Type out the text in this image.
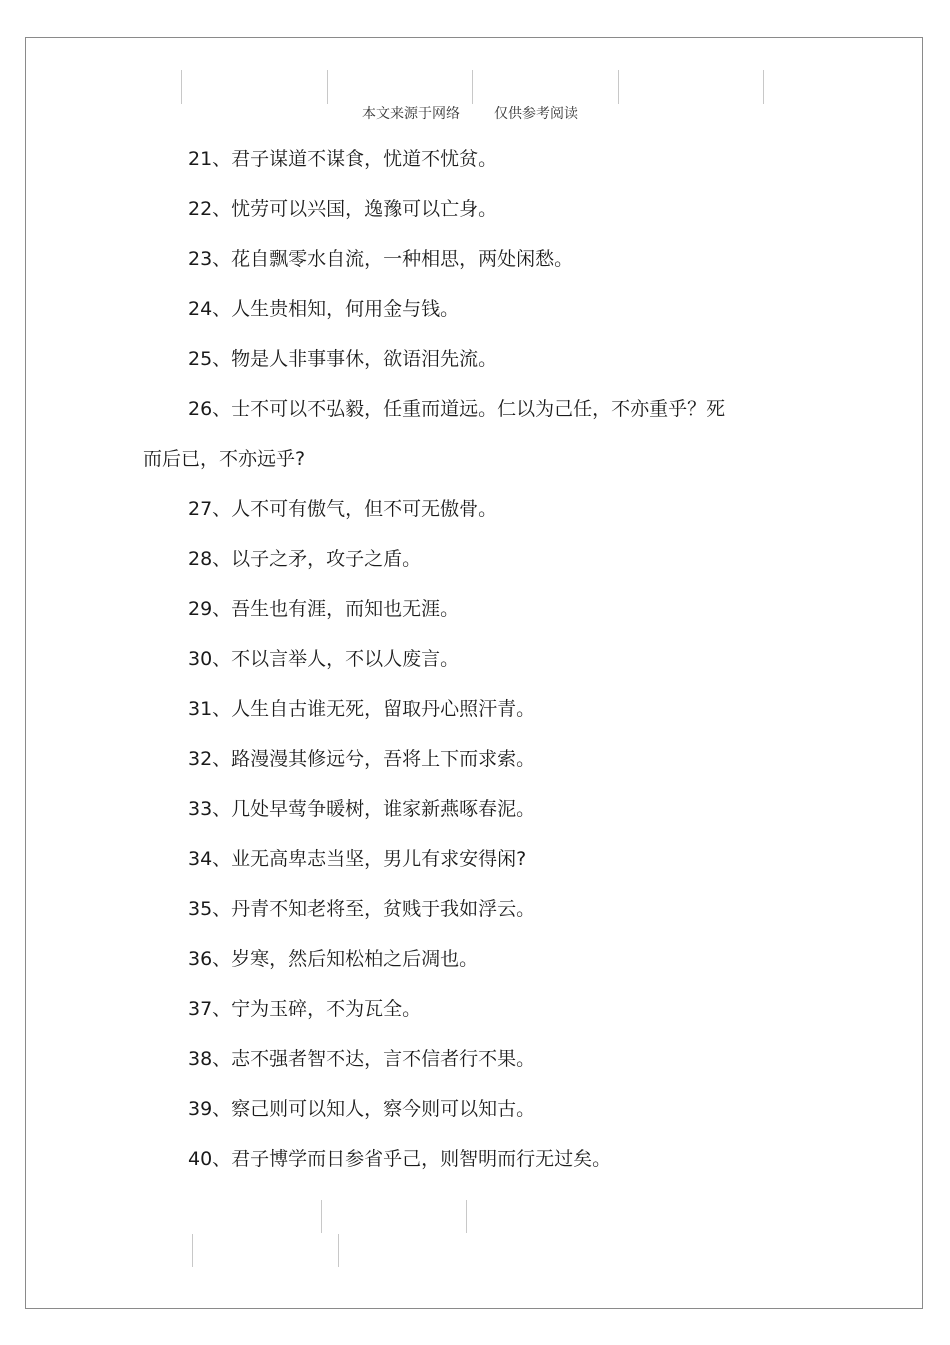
本文来源于网络 仅供参考阅读
21、君子谋道不谋食，忧道不忧贫。
22、忧劳可以兴国，逸豫可以亡身。
23、花自飘零水自流，一种相思，两处闲愁。
24、人生贵相知，何用金与钱。
25、物是人非事事休，欲语泪先流。
26、士不可以不弘毅，任重而道远。仁以为己任，不亦重乎？死
而后已，不亦远乎?
27、人不可有傲气，但不可无傲骨。
28、以子之矛，攻子之盾。
29、吾生也有涯，而知也无涯。
30、不以言举人，不以人废言。
31、人生自古谁无死，留取丹心照汗青。
32、路漫漫其修远兮，吾将上下而求索。
33、几处早莺争暖树，谁家新燕啄春泥。
34、业无高卑志当坚，男儿有求安得闲?
35、丹青不知老将至，贫贱于我如浮云。
36、岁寒，然后知松柏之后凋也。
37、宁为玉碎，不为瓦全。
38、志不强者智不达，言不信者行不果。
39、察己则可以知人，察今则可以知古。
40、君子博学而日参省乎己，则智明而行无过矣。
